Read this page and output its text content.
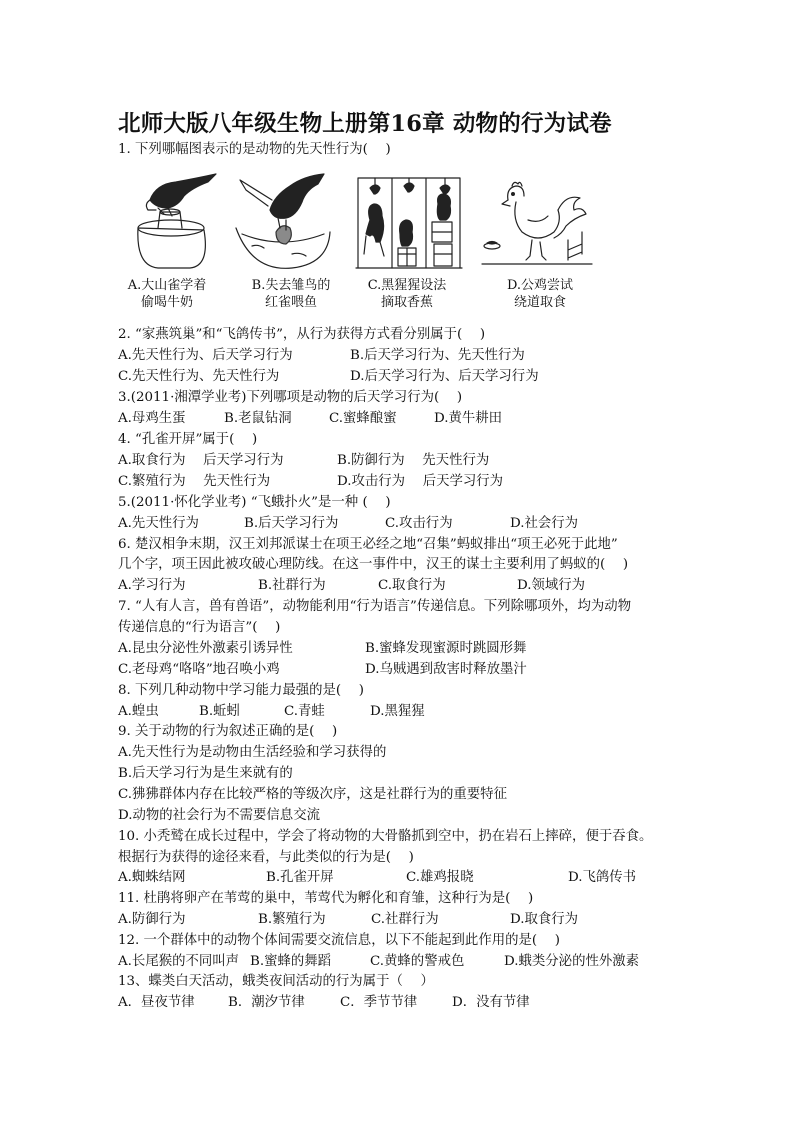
北师大版八年级生物上册第16章 动物的行为试卷
1. 下列哪幅图表示的是动物的先天性行为(　 )
A.大山雀学着
偷喝牛奶
B.失去雏鸟的
红雀喂鱼
C.黑猩猩设法
摘取香蕉
D.公鸡尝试
绕道取食
2. “家燕筑巢”和“飞鸽传书”，从行为获得方式看分别属于(　 )
A.先天性行为、后天学习行为	B.后天学习行为、先天性行为
C.先天性行为、先天性行为	D.后天学习行为、后天学习行为
3.(2011·湘潭学业考)下列哪项是动物的后天学习行为(　 )
A.母鸡生蛋	B.老鼠钻洞	C.蜜蜂酿蜜	D.黄牛耕田
4. “孔雀开屏”属于(　 )
A.取食行为　 后天学习行为	B.防御行为　 先天性行为
C.繁殖行为　 先天性行为	D.攻击行为　 后天学习行为
5.(2011·怀化学业考) “飞蛾扑火”是一种 (　 )
A.先天性行为	B.后天学习行为	C.攻击行为	D.社会行为
6. 楚汉相争末期，汉王刘邦派谋士在项王必经之地“召集”蚂蚁排出“项王必死于此地”
几个字，项王因此被攻破心理防线。在这一事件中，汉王的谋士主要利用了蚂蚁的(　 )
A.学习行为	B.社群行为	C.取食行为	D.领域行为
7. “人有人言，兽有兽语”，动物能利用“行为语言”传递信息。下列除哪项外，均为动物
传递信息的“行为语言”(　 )
A.昆虫分泌性外激素引诱异性	B.蜜蜂发现蜜源时跳圆形舞
C.老母鸡“咯咯”地召唤小鸡	D.乌贼遇到敌害时释放墨汁
8. 下列几种动物中学习能力最强的是(　 )
A.蝗虫	B.蚯蚓	C.青蛙	D.黑猩猩
9. 关于动物的行为叙述正确的是(　 )
A.先天性行为是动物由生活经验和学习获得的
B.后天学习行为是生来就有的
C.狒狒群体内存在比较严格的等级次序，这是社群行为的重要特征
D.动物的社会行为不需要信息交流
10. 小秃鹫在成长过程中，学会了将动物的大骨骼抓到空中，扔在岩石上摔碎，便于吞食。
根据行为获得的途径来看，与此类似的行为是(　 )
A.蜘蛛结网	B.孔雀开屏	C.雄鸡报晓	D.飞鸽传书
11. 杜鹃将卵产在苇莺的巢中，苇莺代为孵化和育雏，这种行为是(　 )
A.防御行为	B.繁殖行为	C.社群行为	D.取食行为
12. 一个群体中的动物个体间需要交流信息，以下不能起到此作用的是(　 )
A.长尾猴的不同叫声 B.蜜蜂的舞蹈	C.黄蜂的警戒色	D.蛾类分泌的性外激素
13、蝶类白天活动，蛾类夜间活动的行为属于（　 ）
A．昼夜节律 B．潮汐节律	C．季节节律	D．没有节律
